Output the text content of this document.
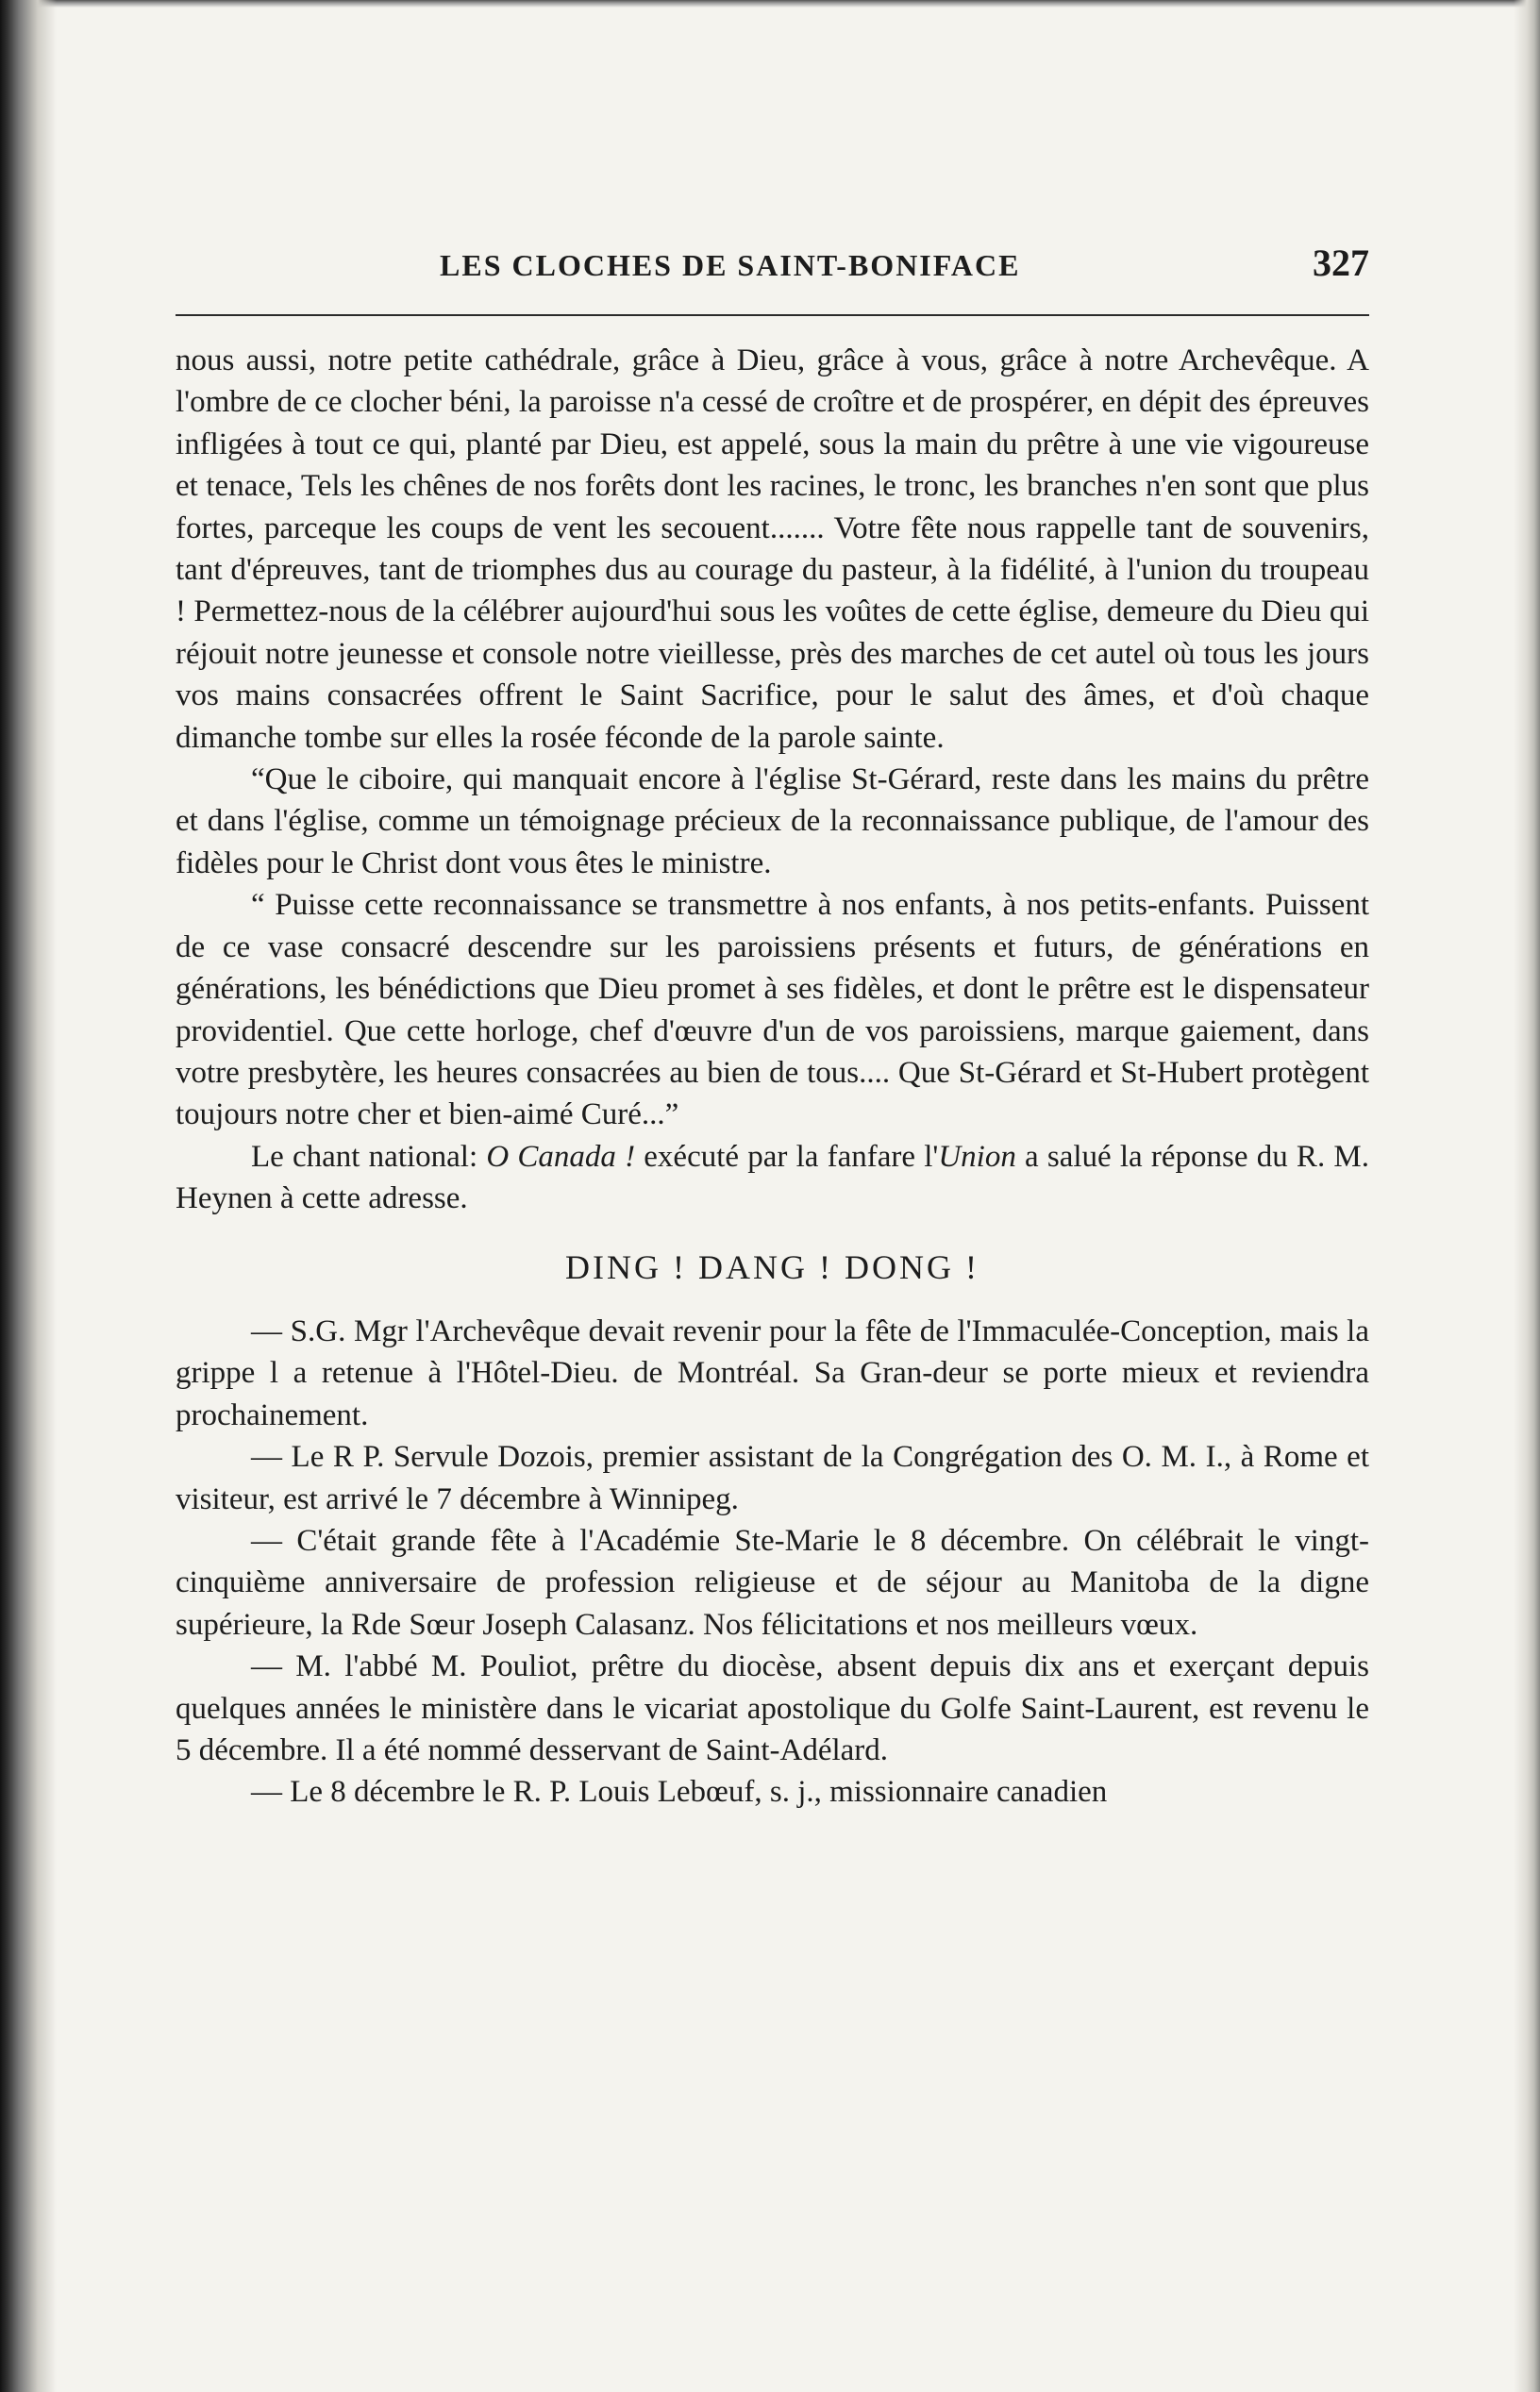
LES CLOCHES DE SAINT-BONIFACE	327

nous aussi, notre petite cathédrale, grâce à Dieu, grâce à vous, grâce à notre Archevêque. A l'ombre de ce clocher béni, la paroisse n'a cessé de croître et de prospérer, en dépit des épreuves infligées à tout ce qui, planté par Dieu, est appelé, sous la main du prêtre à une vie vigoureuse et tenace, Tels les chênes de nos forêts dont les racines, le tronc, les branches n'en sont que plus fortes, parceque les coups de vent les secouent....... Votre fête nous rappelle tant de souvenirs, tant d'épreuves, tant de triomphes dus au courage du pasteur, à la fidélité, à l'union du troupeau ! Permettez-nous de la célébrer aujourd'hui sous les voûtes de cette église, demeure du Dieu qui réjouit notre jeunesse et console notre vieillesse, près des marches de cet autel où tous les jours vos mains consacrées offrent le Saint Sacrifice, pour le salut des âmes, et d'où chaque dimanche tombe sur elles la rosée féconde de la parole sainte.

“Que le ciboire, qui manquait encore à l'église St-Gérard, reste dans les mains du prêtre et dans l'église, comme un témoignage précieux de la reconnaissance publique, de l'amour des fidèles pour le Christ dont vous êtes le ministre.

“ Puisse cette reconnaissance se transmettre à nos enfants, à nos petits-enfants. Puissent de ce vase consacré descendre sur les paroissiens présents et futurs, de générations en générations, les bénédictions que Dieu promet à ses fidèles, et dont le prêtre est le dispensateur providentiel. Que cette horloge, chef d'œuvre d'un de vos paroissiens, marque gaiement, dans votre presbytère, les heures consacrées au bien de tous.... Que St-Gérard et St-Hubert protègent toujours notre cher et bien-aimé Curé...”

Le chant national: O Canada ! exécuté par la fanfare l'Union a salué la réponse du R. M. Heynen à cette adresse.

DING ! DANG ! DONG !

— S.G. Mgr l'Archevêque devait revenir pour la fête de l'Immaculée-Conception, mais la grippe l a retenue à l'Hôtel-Dieu. de Montréal. Sa Gran-deur se porte mieux et reviendra prochainement.

— Le R P. Servule Dozois, premier assistant de la Congrégation des O. M. I., à Rome et visiteur, est arrivé le 7 décembre à Winnipeg.

— C'était grande fête à l'Académie Ste-Marie le 8 décembre. On célébrait le vingt-cinquième anniversaire de profession religieuse et de séjour au Manitoba de la digne supérieure, la Rde Sœur Joseph Calasanz. Nos félicitations et nos meilleurs vœux.

— M. l'abbé M. Pouliot, prêtre du diocèse, absent depuis dix ans et exerçant depuis quelques années le ministère dans le vicariat apostolique du Golfe Saint-Laurent, est revenu le 5 décembre. Il a été nommé desservant de Saint-Adélard.

— Le 8 décembre le R. P. Louis Lebœuf, s. j., missionnaire canadien
